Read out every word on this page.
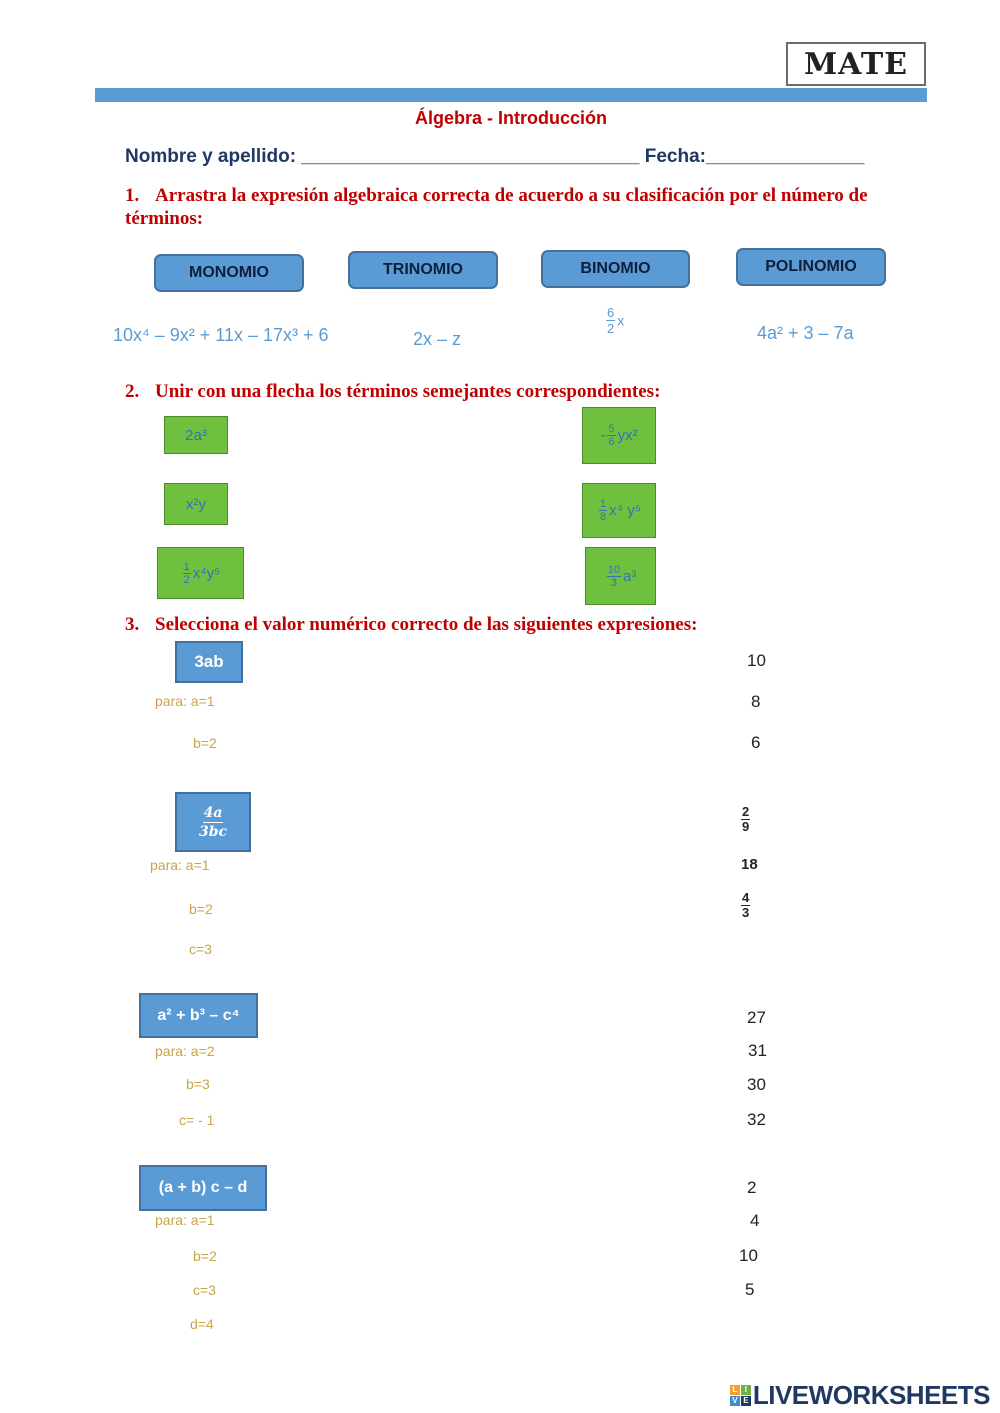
MATE
Álgebra - Introducción
Nombre y apellido: ________________________________ Fecha:_______________
1. Arrastra la expresión algebraica correcta de acuerdo a su clasificación por el número de términos:
MONOMIO	TRINOMIO	BINOMIO	POLINOMIO
10x⁴ – 9x² + 11x – 17x³ + 6	2x – z
$\frac{6}{2}$ x
4a² + 3 – 7a
2. Unir con una flecha los términos semejantes correspondientes:
2a³
x²y
$\frac{1}{2} x^4y^5$
- $\frac{5}{6} yx^2$
$\frac{1}{8} x^4$ y⁵
$\frac{10}{3} a^3$
3. Selecciona el valor numérico correcto de las siguientes expresiones:
3ab
para: a=1
b=2
10
8
6
$\frac{4a}{3bc}$
para: a=1
b=2
c=3
$\frac{2}{9}$
18
$\frac{4}{3}$
a² + b³ – c⁴
para: a=2
b=3
c= - 1
27
31
30
32
(a + b) c – d
para: a=1
b=2
c=3
d=4
2
4
10
5
L I
V E LIVEWORKSHEETS
